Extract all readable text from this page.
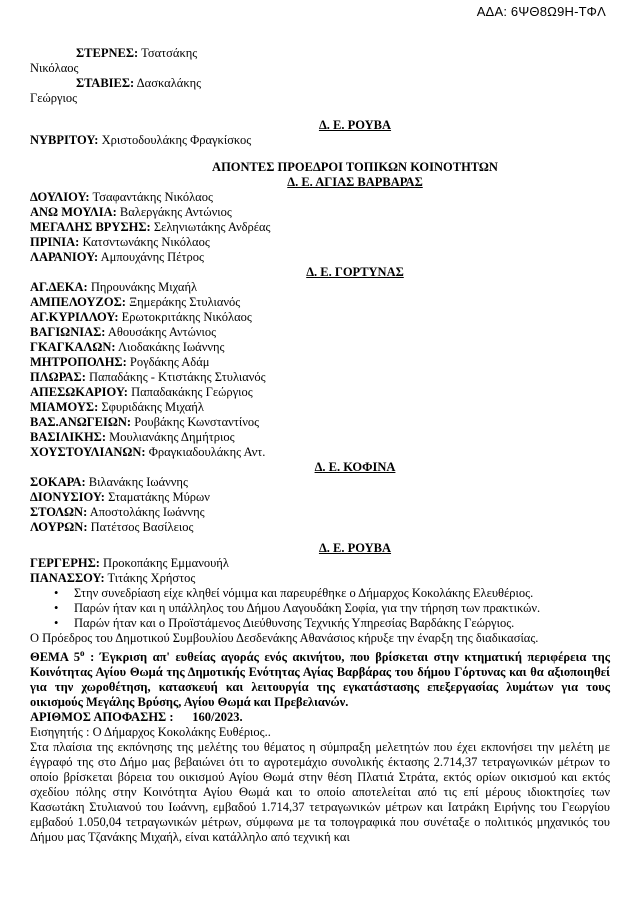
ΑΔΑ: 6ΨΘ8Ω9Η-ΤΦΛ
ΣΤΕΡΝΕΣ: Τσατσάκης
Νικόλαος
ΣΤΑΒΙΕΣ: Δασκαλάκης
Γεώργιος
Δ. Ε. ΡΟΥΒΑ
ΝΥΒΡΙΤΟΥ: Χριστοδουλάκης Φραγκίσκος
ΑΠΟΝΤΕΣ ΠΡΟΕΔΡΟΙ ΤΟΠΙΚΩΝ ΚΟΙΝΟΤΗΤΩΝ
Δ. Ε. ΑΓΙΑΣ ΒΑΡΒΑΡΑΣ
ΔΟΥΛΙΟΥ: Τσαφαντάκης Νικόλαος
ΑΝΩ ΜΟΥΛΙΑ: Βαλεργάκης Αντώνιος
ΜΕΓΑΛΗΣ ΒΡΥΣΗΣ: Σεληνιωτάκης Ανδρέας
ΠΡΙΝΙΑ: Κατσντωνάκης Νικόλαος
ΛΑΡΑΝΙΟΥ: Αμπουχάνης Πέτρος
Δ. Ε. ΓΟΡΤΥΝΑΣ
ΑΓ.ΔΕΚΑ: Πηρουνάκης Μιχαήλ
ΑΜΠΕΛΟΥΖΟΣ: Ξημεράκης Στυλιανός
ΑΓ.ΚΥΡΙΛΛΟΥ: Ερωτοκριτάκης Νικόλαος
ΒΑΓΙΩΝΙΑΣ: Αθουσάκης Αντώνιος
ΓΚΑΓΚΑΛΩΝ: Λιοδακάκης Ιωάννης
ΜΗΤΡΟΠΟΛΗΣ: Ρογδάκης Αδάμ
ΠΛΩΡΑΣ: Παπαδάκης - Κτιστάκης Στυλιανός
ΑΠΕΣΩΚΑΡΙΟΥ: Παπαδακάκης Γεώργιος
ΜΙΑΜΟΥΣ: Σφυριδάκης Μιχαήλ
ΒΑΣ.ΑΝΩΓΕΙΩΝ: Ρουβάκης Κωνσταντίνος
ΒΑΣΙΛΙΚΗΣ: Μουλιανάκης Δημήτριος
ΧΟΥΣΤΟΥΛΙΑΝΩΝ: Φραγκιαδουλάκης Αντ.
Δ. Ε. ΚΟΦΙΝΑ
ΣΟΚΑΡΑ: Βιλανάκης Ιωάννης
ΔΙΟΝΥΣΙΟΥ: Σταματάκης Μύρων
ΣΤΟΛΩΝ: Αποστολάκης Ιωάννης
ΛΟΥΡΩΝ: Πατέτσος Βασίλειος
Δ. Ε. ΡΟΥΒΑ
ΓΕΡΓΕΡΗΣ: Προκοπάκης Εμμανουήλ
ΠΑΝΑΣΣΟΥ: Τιτάκης Χρήστος
• Στην συνεδρίαση είχε κληθεί νόμιμα και παρευρέθηκε ο Δήμαρχος Κοκολάκης Ελευθέριος.
• Παρών ήταν και η υπάλληλος του Δήμου Λαγουδάκη Σοφία, για την τήρηση των πρακτικών.
• Παρών ήταν και ο Προϊστάμενος Διεύθυνσης Τεχνικής Υπηρεσίας Βαρδάκης Γεώργιος.
Ο Πρόεδρος του Δημοτικού Συμβουλίου Δεσδενάκης Αθανάσιος κήρυξε την έναρξη της διαδικασίας.
ΘΕΜΑ $5^o$ : Έγκριση απ' ευθείας αγοράς ενός ακινήτου, που βρίσκεται στην κτηματική περιφέρεια της Κοινότητας Αγίου Θωμά της Δημοτικής Ενότητας Αγίας Βαρβάρας του δήμου Γόρτυνας και θα αξιοποιηθεί για την χωροθέτηση, κατασκευή και λειτουργία της εγκατάστασης επεξεργασίας λυμάτων για τους οικισμούς Μεγάλης Βρύσης, Αγίου Θωμά και Πρεβελιανών.
ΑΡΙΘΜΟΣ ΑΠΟΦΑΣΗΣ : 160/2023.
Εισηγητής : Ο Δήμαρχος Κοκολάκης Ευθέριος..
Στα πλαίσια της εκπόνησης της μελέτης του θέματος η σύμπραξη μελετητών που έχει εκπονήσει την μελέτη με έγγραφό της στο Δήμο μας βεβαιώνει ότι το αγροτεμάχιο συνολικής έκτασης 2.714,37 τετραγωνικών μέτρων το οποίο βρίσκεται βόρεια του οικισμού Αγίου Θωμά στην θέση Πλατιά Στράτα, εκτός ορίων οικισμού και εκτός σχεδίου πόλης στην Κοινότητα Αγίου Θωμά και το οποίο αποτελείται από τις επί μέρους ιδιοκτησίες των Κασωτάκη Στυλιανού του Ιωάννη, εμβαδού 1.714,37 τετραγωνικών μέτρων και Ιατράκη Ειρήνης του Γεωργίου εμβαδού 1.050,04 τετραγωνικών μέτρων, σύμφωνα με τα τοπογραφικά που συνέταξε ο πολιτικός μηχανικός του Δήμου μας Τζανάκης Μιχαήλ, είναι κατάλληλο από τεχνική και
